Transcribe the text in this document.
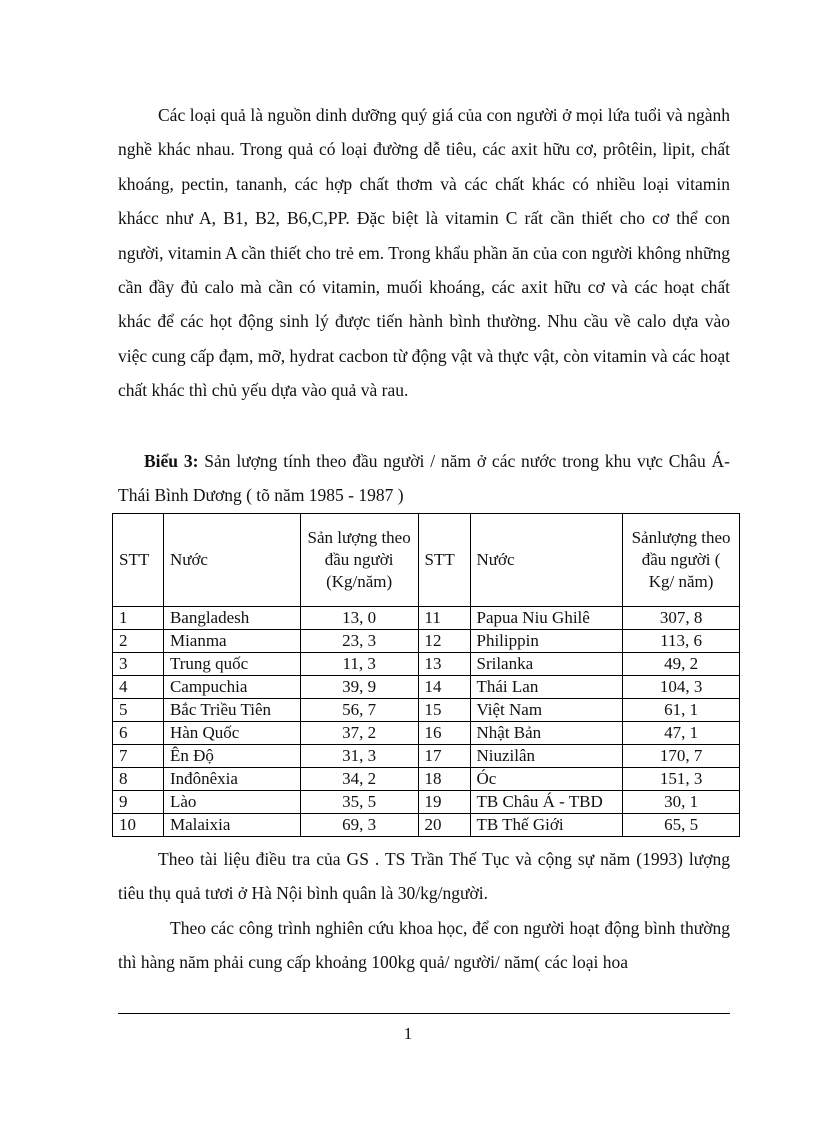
Các loại quả là nguồn dinh dưỡng quý giá của con người ở mọi lứa tuổi và ngành nghề khác nhau. Trong quả có loại đường dễ tiêu, các axit hữu cơ, prôtêin, lipit, chất khoáng, pectin, tananh, các hợp chất thơm và các chất khác có nhiều loại vitamin khácc như A, B1, B2, B6,C,PP. Đặc biệt là vitamin C rất cần thiết cho cơ thể con người, vitamin A cần thiết cho trẻ em. Trong khẩu phần ăn của con người không những cần đầy đủ calo mà cần có vitamin, muối khoáng, các axit hữu cơ và các hoạt chất khác để các họt động sinh lý được tiến hành bình thường. Nhu cầu về calo dựa vào việc cung cấp đạm, mỡ, hydrat cacbon từ động vật và thực vật, còn vitamin và các hoạt chất khác thì chủ yếu dựa vào quả và rau.

Biểu 3: Sản lượng tính theo đầu người / năm ở các nước trong khu vực Châu Á- Thái Bình Dương ( tõ năm 1985 - 1987 )

STT	Nước	Sản lượng theo đầu người (Kg/năm)	STT	Nước	Sảnlượng theo đầu người ( Kg/ năm)
1	Bangladesh	13, 0	11	Papua Niu Ghilê	307, 8
2	Mianma	23, 3	12	Philippin	113, 6
3	Trung quốc	11, 3	13	Srilanka	49, 2
4	Campuchia	39, 9	14	Thái Lan	104, 3
5	Bắc Triều Tiên	56, 7	15	Việt Nam	61, 1
6	Hàn Quốc	37, 2	16	Nhật Bản	47, 1
7	Ên Độ	31, 3	17	Niuzilân	170, 7
8	Inđônêxia	34, 2	18	Óc	151, 3
9	Lào	35, 5	19	TB Châu Á - TBD	30, 1
10	Malaixia	69, 3	20	TB Thế Giới	65, 5

Theo tài liệu điều tra của GS . TS Trần Thế Tục và cộng sự năm (1993) lượng tiêu thụ quả tươi ở Hà Nội bình quân là 30/kg/người.

Theo các công trình nghiên cứu khoa học, để con người hoạt động bình thường thì hàng năm phải cung cấp khoảng 100kg quả/ người/ năm( các loại hoa

1
